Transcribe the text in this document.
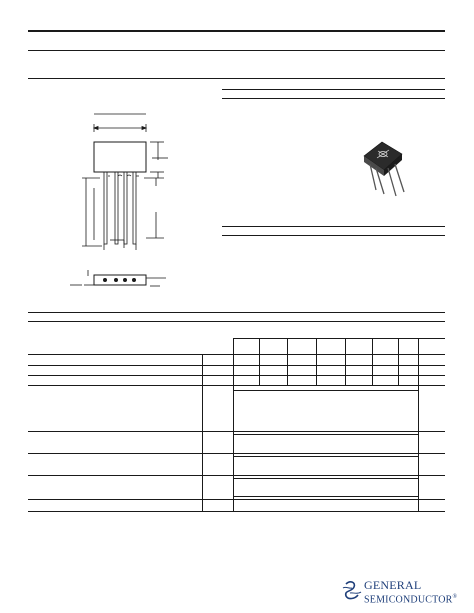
GENERAL
SEMICONDUCTOR®
